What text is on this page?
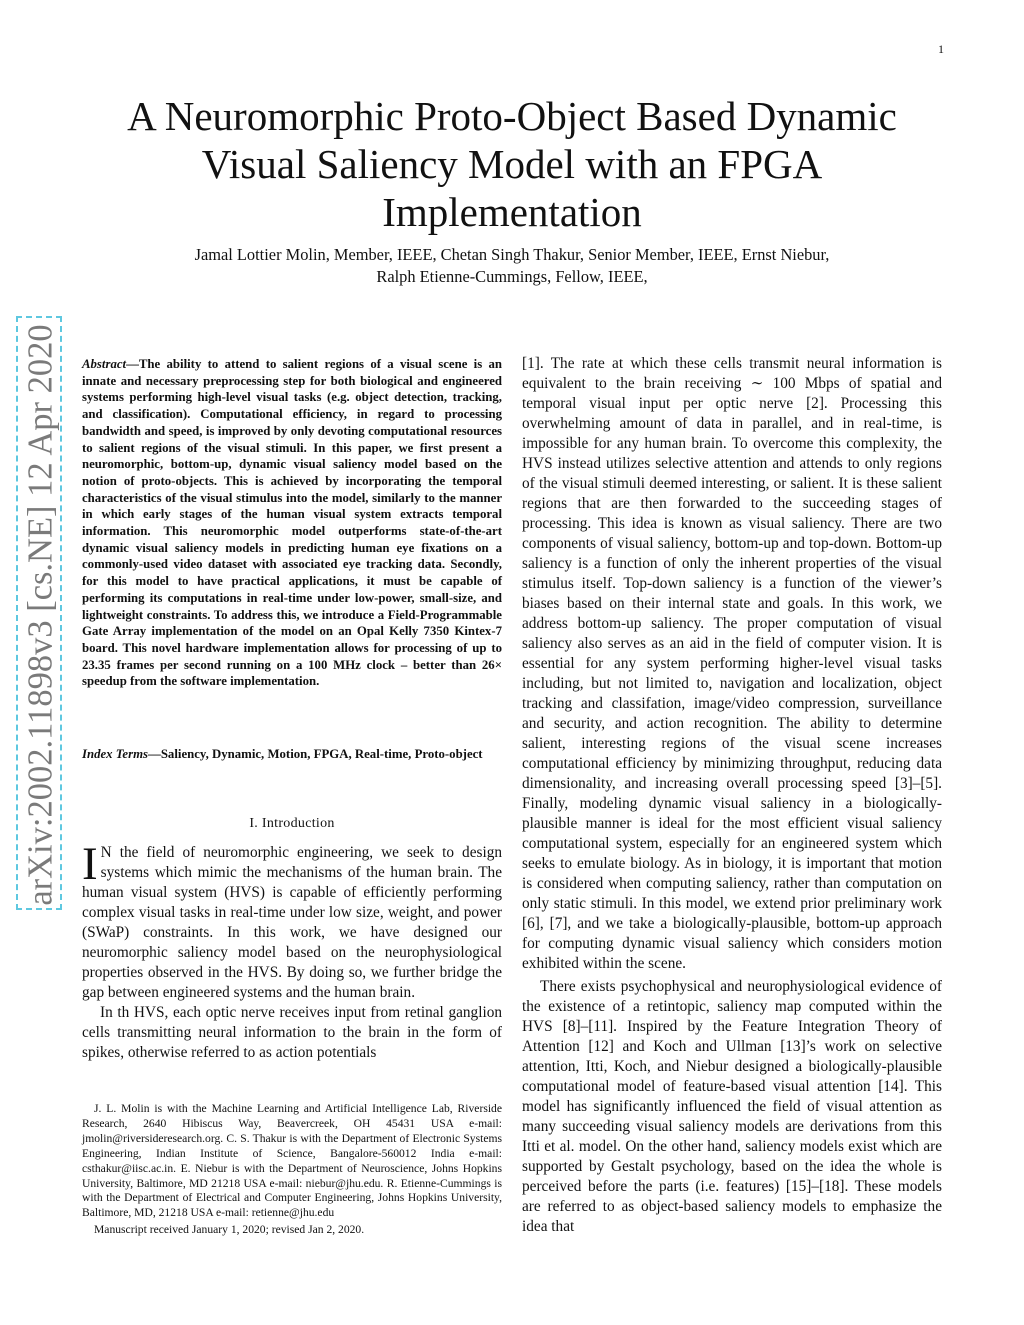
1
arXiv:2002.11898v3 [cs.NE] 12 Apr 2020
A Neuromorphic Proto-Object Based Dynamic Visual Saliency Model with an FPGA Implementation
Jamal Lottier Molin, Member, IEEE, Chetan Singh Thakur, Senior Member, IEEE, Ernst Niebur,
Ralph Etienne-Cummings, Fellow, IEEE,
Abstract—The ability to attend to salient regions of a visual scene is an innate and necessary preprocessing step for both biological and engineered systems performing high-level visual tasks (e.g. object detection, tracking, and classification). Computational efficiency, in regard to processing bandwidth and speed, is improved by only devoting computational resources to salient regions of the visual stimuli. In this paper, we first present a neuromorphic, bottom-up, dynamic visual saliency model based on the notion of proto-objects. This is achieved by incorporating the temporal characteristics of the visual stimulus into the model, similarly to the manner in which early stages of the human visual system extracts temporal information. This neuromorphic model outperforms state-of-the-art dynamic visual saliency models in predicting human eye fixations on a commonly-used video dataset with associated eye tracking data. Secondly, for this model to have practical applications, it must be capable of performing its computations in real-time under low-power, small-size, and lightweight constraints. To address this, we introduce a Field-Programmable Gate Array implementation of the model on an Opal Kelly 7350 Kintex-7 board. This novel hardware implementation allows for processing of up to 23.35 frames per second running on a 100 MHz clock – better than 26× speedup from the software implementation.
Index Terms—Saliency, Dynamic, Motion, FPGA, Real-time, Proto-object
I. Introduction

I N the field of neuromorphic engineering, we seek to design systems which mimic the mechanisms of the human brain. The human visual system (HVS) is capable of efficiently performing complex visual tasks in real-time under low size, weight, and power (SWaP) constraints. In this work, we have designed our neuromorphic saliency model based on the neurophysiological properties observed in the HVS. By doing so, we further bridge the gap between engineered systems and the human brain.

In th HVS, each optic nerve receives input from retinal ganglion cells transmitting neural information to the brain in the form of spikes, otherwise referred to as action potentials

J. L. Molin is with the Machine Learning and Artificial Intelligence Lab, Riverside Research, 2640 Hibiscus Way, Beavercreek, OH 45431 USA e-mail: jmolin@riversideresearch.org. C. S. Thakur is with the Department of Electronic Systems Engineering, Indian Institute of Science, Bangalore-560012 India e-mail: csthakur@iisc.ac.in. E. Niebur is with the Department of Neuroscience, Johns Hopkins University, Baltimore, MD 21218 USA e-mail: niebur@jhu.edu. R. Etienne-Cummings is with the Department of Electrical and Computer Engineering, Johns Hopkins University, Baltimore, MD, 21218 USA e-mail: retienne@jhu.edu

Manuscript received January 1, 2020; revised Jan 2, 2020.

[1]. The rate at which these cells transmit neural information is equivalent to the brain receiving ∼ 100 Mbps of spatial and temporal visual input per optic nerve [2]. Processing this overwhelming amount of data in parallel, and in real-time, is impossible for any human brain. To overcome this complexity, the HVS instead utilizes selective attention and attends to only regions of the visual stimuli deemed interesting, or salient. It is these salient regions that are then forwarded to the succeeding stages of processing. This idea is known as visual saliency. There are two components of visual saliency, bottom-up and top-down. Bottom-up saliency is a function of only the inherent properties of the visual stimulus itself. Top-down saliency is a function of the viewer’s biases based on their internal state and goals. In this work, we address bottom-up saliency. The proper computation of visual saliency also serves as an aid in the field of computer vision. It is essential for any system performing higher-level visual tasks including, but not limited to, navigation and localization, object tracking and classifation, image/video compression, surveillance and security, and action recognition. The ability to determine salient, interesting regions of the visual scene increases computational efficiency by minimizing throughput, reducing data dimensionality, and increasing overall processing speed [3]–[5]. Finally, modeling dynamic visual saliency in a biologically-plausible manner is ideal for the most efficient visual saliency computational system, especially for an engineered system which seeks to emulate biology. As in biology, it is important that motion is considered when computing saliency, rather than computation on only static stimuli. In this model, we extend prior preliminary work [6], [7], and we take a biologically-plausible, bottom-up approach for computing dynamic visual saliency which considers motion exhibited within the scene.

There exists psychophysical and neurophysiological evidence of the existence of a retintopic, saliency map computed within the HVS [8]–[11]. Inspired by the Feature Integration Theory of Attention [12] and Koch and Ullman [13]’s work on selective attention, Itti, Koch, and Niebur designed a biologically-plausible computational model of feature-based visual attention [14]. This model has significantly influenced the field of visual attention as many succeeding visual saliency models are derivations from this Itti et al. model. On the other hand, saliency models exist which are supported by Gestalt psychology, based on the idea the whole is perceived before the parts (i.e. features) [15]–[18]. These models are referred to as object-based saliency models to emphasize the idea that
